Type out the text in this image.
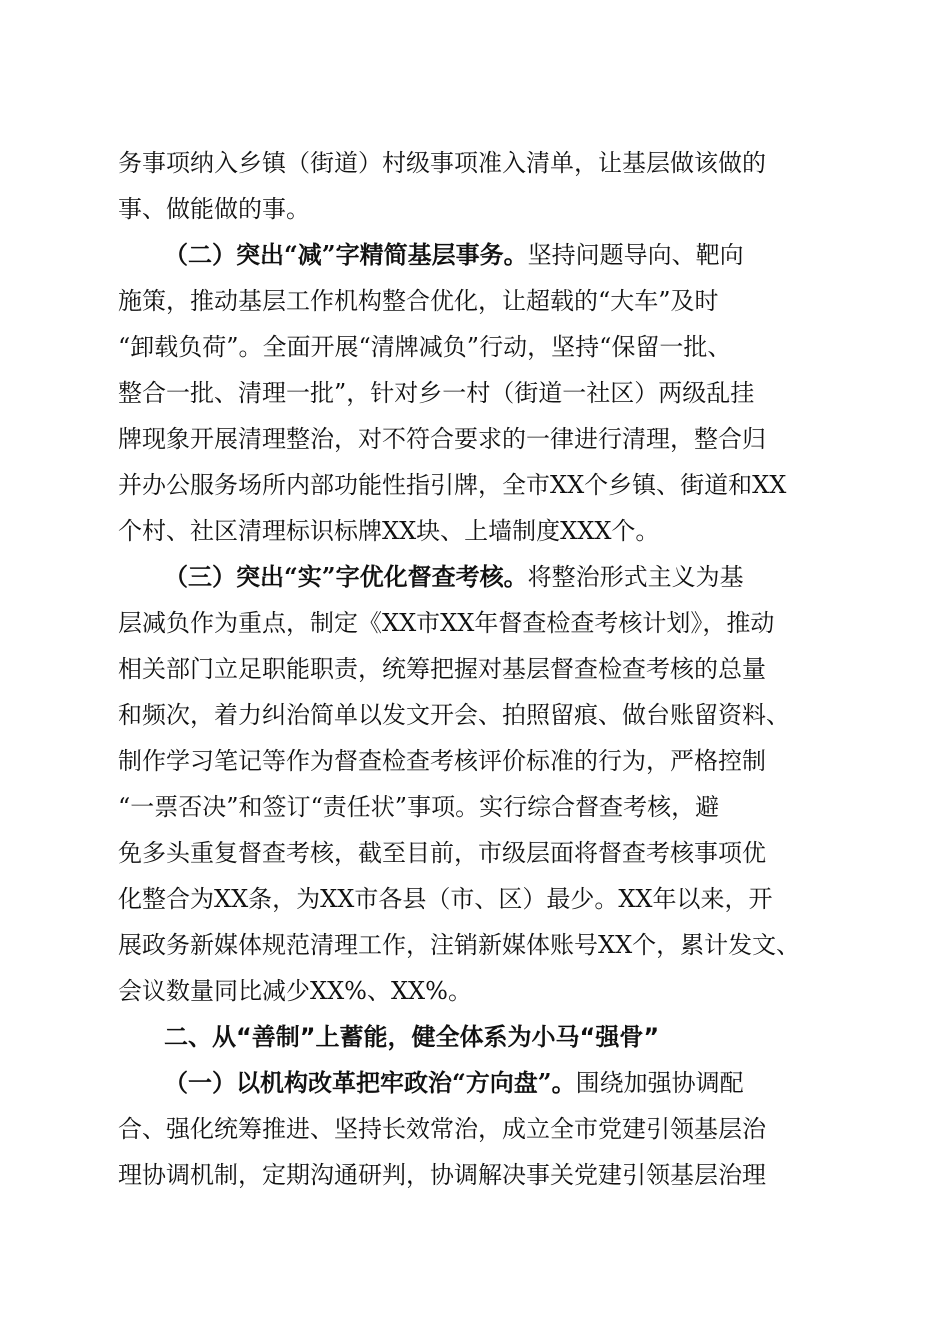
务事项纳入乡镇（街道）村级事项准入清单，让基层做该做的
事、做能做的事。
（二）突出“减”字精简基层事务。坚持问题导向、靶向
施策，推动基层工作机构整合优化，让超载的“大车”及时
“卸载负荷”。全面开展“清牌减负”行动，坚持“保留一批、
整合一批、清理一批”，针对乡一村（街道一社区）两级乱挂
牌现象开展清理整治，对不符合要求的一律进行清理，整合归
并办公服务场所内部功能性指引牌，全市XX个乡镇、街道和XX
个村、社区清理标识标牌XX块、上墙制度XXX个。
（三）突出“实”字优化督查考核。将整治形式主义为基
层减负作为重点，制定《XX市XX年督查检查考核计划》，推动
相关部门立足职能职责，统筹把握对基层督查检查考核的总量
和频次，着力纠治简单以发文开会、拍照留痕、做台账留资料、
制作学习笔记等作为督查检查考核评价标准的行为，严格控制
“一票否决”和签订“责任状”事项。实行综合督查考核，避
免多头重复督查考核，截至目前，市级层面将督查考核事项优
化整合为XX条，为XX市各县（市、区）最少。XX年以来，开
展政务新媒体规范清理工作，注销新媒体账号XX个，累计发文、
会议数量同比减少XX%、XX%。
二、从“善制”上蓄能，健全体系为小马“强骨”
（一）以机构改革把牢政治“方向盘”。围绕加强协调配
合、强化统筹推进、坚持长效常治，成立全市党建引领基层治
理协调机制，定期沟通研判，协调解决事关党建引领基层治理
